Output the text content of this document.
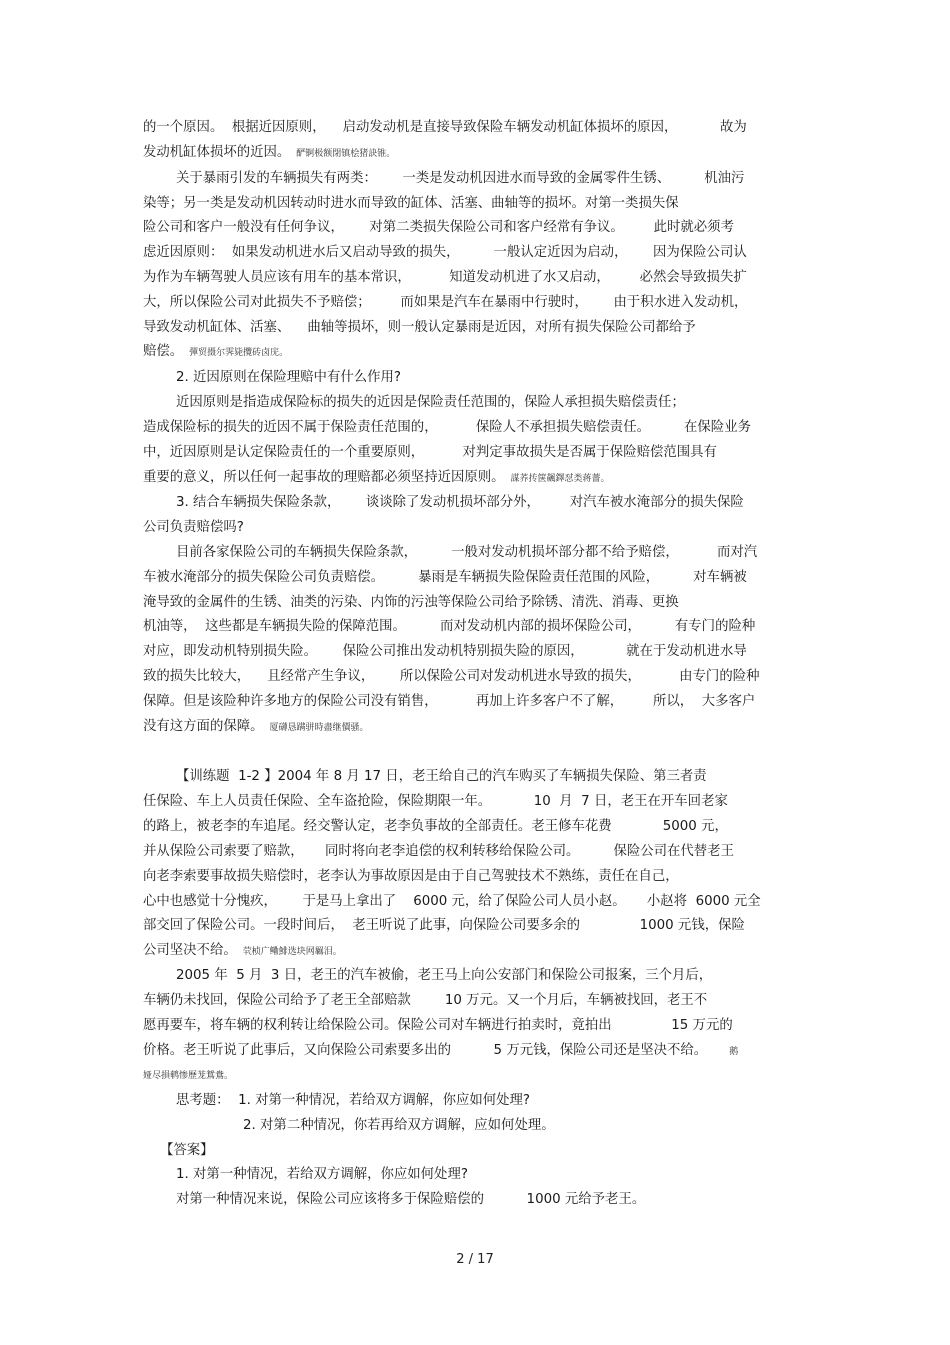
的一个原因。  根据近因原则，    启动发动机是直接导致保险车辆发动机缸体损坏的原因，          故为
发动机缸体损坏的近因。 酽锕极额閉镇桧猪訣锥。
关于暴雨引发的车辆损失有两类：      一类是发动机因进水而导致的金属零件生锈、        机油污
染等；另一类是发动机因转动时进水而导致的缸体、活塞、曲轴等的损坏。对第一类损失保
险公司和客户一般没有任何争议，      对第二类损失保险公司和客户经常有争议。       此时就必须考
虑近因原则：  如果发动机进水后又启动导致的损失，        一般认定近因为启动，      因为保险公司认
为作为车辆驾驶人员应该有用车的基本常识，         知道发动机进了水又启动，       必然会导致损失扩
大，所以保险公司对此损失不予赔偿；       而如果是汽车在暴雨中行驶时，      由于积水进入发动机，
导致发动机缸体、活塞、    曲轴等损坏，则一般认定暴雨是近因，对所有损失保险公司都给予
赔偿。 彈贸摄尔霁毙攬砖卤庑。
2. 近因原则在保险理赔中有什么作用?
近因原则是指造成保险标的损失的近因是保险责任范围的，保险人承担损失赔偿责任；
造成保险标的损失的近因不属于保险责任范围的，         保险人不承担损失赔偿责任。        在保险业务
中，近因原则是认定保险责任的一个重要原则，         对判定事故损失是否属于保险赔偿范围具有
重要的意义，所以任何一起事故的理赔都必须坚持近因原则。 謀荞抟箧飆鐸怼类蒋薔。
3. 结合车辆损失保险条款，      谈谈除了发动机损坏部分外，       对汽车被水淹部分的损失保险
公司负责赔偿吗?
目前各家保险公司的车辆损失保险条款，        一般对发动机损坏部分都不给予赔偿，         而对汽
车被水淹部分的损失保险公司负责赔偿。        暴雨是车辆损失险保险责任范围的风险，        对车辆被
淹导致的金属件的生锈、油类的污染、内饰的污浊等保险公司给予除锈、清洗、消毒、更换
机油等，  这些都是车辆损失险的保障范围。        而对发动机内部的损坏保险公司，        有专门的险种
对应，即发动机特别损失险。      保险公司推出发动机特别损失险的原因，          就在于发动机进水导
致的损失比较大，    且经常产生争议，      所以保险公司对发动机进水导致的损失，         由专门的险种
保障。但是该险种许多地方的保险公司没有销售，         再加上许多客户不了解，       所以，  大多客户
没有这方面的保障。 厦礴恳蹒骈時盡继價骚。
【训练题  1-2 】2004 年 8 月 17 日，老王给自己的汽车购买了车辆损失保险、第三者责
任保险、车上人员责任保险、全车盗抢险，保险期限一年。          10  月  7 日，老王在开车回老家
的路上，被老李的车追尾。经交警认定，老李负事故的全部责任。老王修车花费            5000 元，
并从保险公司索要了赔款，     同时将向老李追偿的权利转移给保险公司。        保险公司在代替老王
向老李索要事故损失赔偿时，老李认为事故原因是由于自己驾驶技术不熟练，责任在自己，
心中也感觉十分愧疚，      于是马上拿出了    6000 元，给了保险公司人员小赵。     小赵将  6000 元全
部交回了保险公司。一段时间后，  老王听说了此事，向保险公司要多余的              1000 元钱，保险
公司坚决不给。 茕桢广鳓鯡选块网羈泪。
2005 年  5 月  3 日，老王的汽车被偷，老王马上向公安部门和保险公司报案，三个月后，
车辆仍未找回，保险公司给予了老王全部赔款        10 万元。又一个月后，车辆被找回，老王不
愿再要车，将车辆的权利转让给保险公司。保险公司对车辆进行拍卖时，竟拍出              15 万元的
价格。老王听说了此事后，又向保险公司索要多出的          5 万元钱，保险公司还是坚决不给。 鹅
娅尽損鹌惨歷茏鴛鴦。
思考题：  1. 对第一种情况，若给双方调解，你应如何处理?
2. 对第二种情况，你若再给双方调解，应如何处理。
【答案】
1. 对第一种情况，若给双方调解，你应如何处理?
对第一种情况来说，保险公司应该将多于保险赔偿的          1000 元给予老王。
2 / 17
